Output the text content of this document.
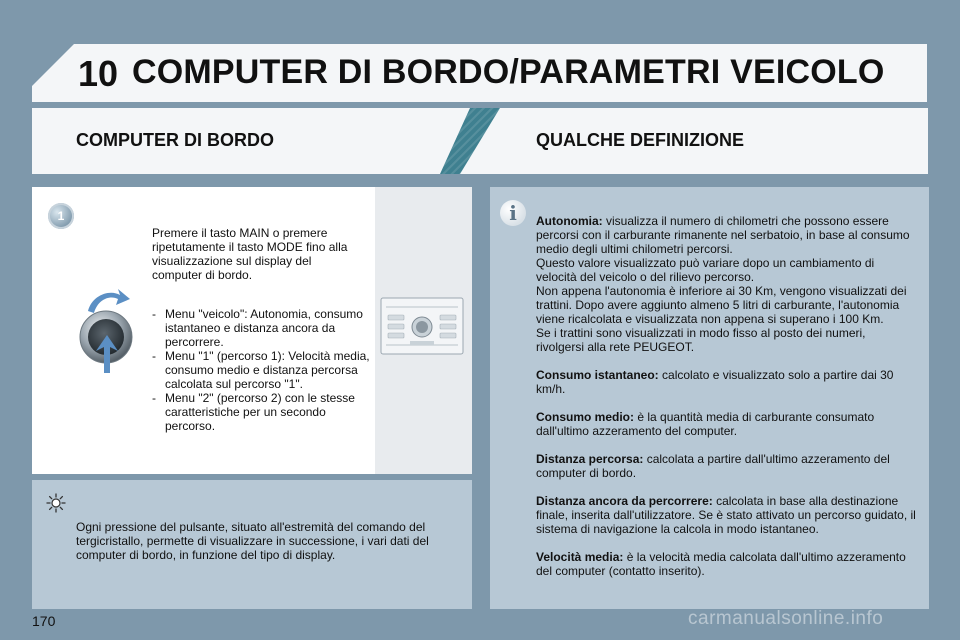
10 COMPUTER DI BORDO/PARAMETRI VEICOLO
COMPUTER DI BORDO	QUALCHE DEFINIZIONE
1
Premere il tasto MAIN o premere ripetutamente il tasto MODE fino alla visualizzazione sul display del computer di bordo.
- Menu "veicolo": Autonomia, consumo istantaneo e distanza ancora da percorrere.
- Menu "1" (percorso 1): Velocità media, consumo medio e distanza percorsa calcolata sul percorso "1".
- Menu "2" (percorso 2) con le stesse caratteristiche per un secondo percorso.
Ogni pressione del pulsante, situato all'estremità del comando del tergicristallo, permette di visualizzare in successione, i vari dati del computer di bordo, in funzione del tipo di display.
i	Autonomia: visualizza il numero di chilometri che possono essere percorsi con il carburante rimanente nel serbatoio, in base al consumo medio degli ultimi chilometri percorsi.

Questo valore visualizzato può variare dopo un cambiamento di velocità del veicolo o del rilievo percorso.

Non appena l'autonomia è inferiore ai 30 Km, vengono visualizzati dei trattini. Dopo avere aggiunto almeno 5 litri di carburante, l'autonomia viene ricalcolata e visualizzata non appena si superano i 100 Km.

Se i trattini sono visualizzati in modo fisso al posto dei numeri, rivolgersi alla rete PEUGEOT.

Consumo istantaneo: calcolato e visualizzato solo a partire dai 30 km/h.

Consumo medio: è la quantità media di carburante consumato dall'ultimo azzeramento del computer.

Distanza percorsa: calcolata a partire dall'ultimo azzeramento del computer di bordo.

Distanza ancora da percorrere: calcolata in base alla destinazione finale, inserita dall'utilizzatore. Se è stato attivato un percorso guidato, il sistema di navigazione la calcola in modo istantaneo.

Velocità media: è la velocità media calcolata dall'ultimo azzeramento del computer (contatto inserito).

170	carmanualsonline.info
